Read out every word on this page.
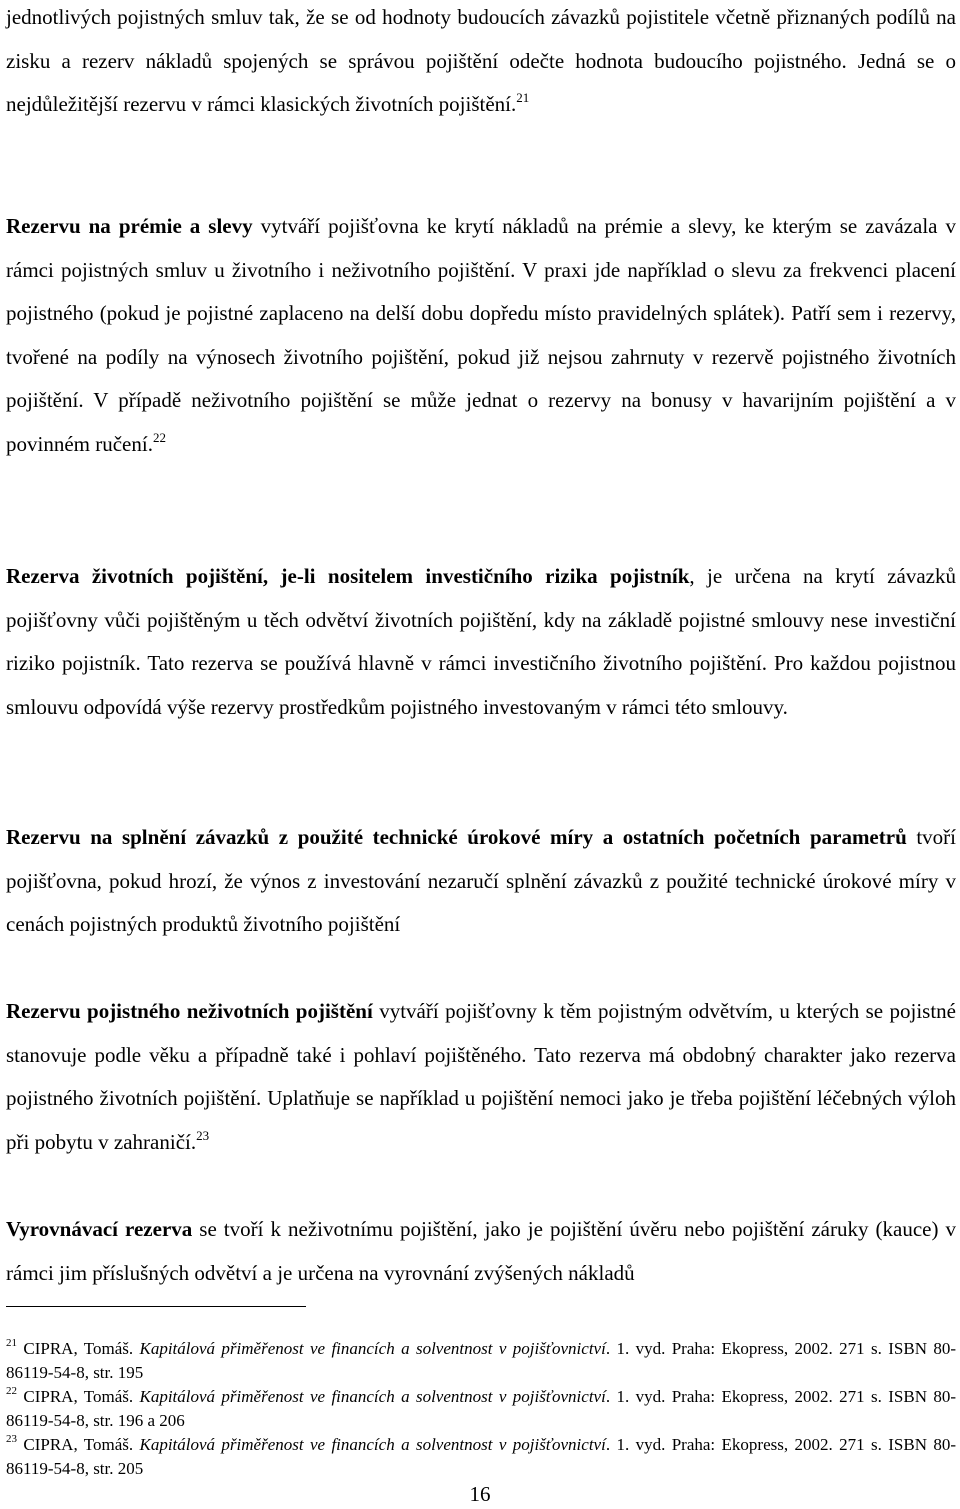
jednotlivých pojistných smluv tak, že se od hodnoty budoucích závazků pojistitele včetně přiznaných podílů na zisku a rezerv nákladů spojených se správou pojištění odečte hodnota budoucího pojistného. Jedná se o nejdůležitější rezervu v rámci klasických životních pojištění.$^{21}$

Rezervu na prémie a slevy vytváří pojišťovna ke krytí nákladů na prémie a slevy, ke kterým se zavázala v rámci pojistných smluv u životního i neživotního pojištění. V praxi jde například o slevu za frekvenci placení pojistného (pokud je pojistné zaplaceno na delší dobu dopředu místo pravidelných splátek). Patří sem i rezervy, tvořené na podíly na výnosech životního pojištění, pokud již nejsou zahrnuty v rezervě pojistného životních pojištění. V případě neživotního pojištění se může jednat o rezervy na bonusy v havarijním pojištění a v povinném ručení.$^{22}$

Rezerva životních pojištění, je-li nositelem investičního rizika pojistník, je určena na krytí závazků pojišťovny vůči pojištěným u těch odvětví životních pojištění, kdy na základě pojistné smlouvy nese investiční riziko pojistník. Tato rezerva se používá hlavně v rámci investičního životního pojištění. Pro každou pojistnou smlouvu odpovídá výše rezervy prostředkům pojistného investovaným v rámci této smlouvy.

Rezervu na splnění závazků z použité technické úrokové míry a ostatních početních parametrů tvoří pojišťovna, pokud hrozí, že výnos z investování nezaručí splnění závazků z použité technické úrokové míry v cenách pojistných produktů životního pojištění

Rezervu pojistného neživotních pojištění vytváří pojišťovny k těm pojistným odvětvím, u kterých se pojistné stanovuje podle věku a případně také i pohlaví pojištěného. Tato rezerva má obdobný charakter jako rezerva pojistného životních pojištění. Uplatňuje se například u pojištění nemoci jako je třeba pojištění léčebných výloh při pobytu v zahraničí.$^{23}$

Vyrovnávací rezerva se tvoří k neživotnímu pojištění, jako je pojištění úvěru nebo pojištění záruky (kauce) v rámci jim příslušných odvětví a je určena na vyrovnání zvýšených nákladů

$^{21}$ CIPRA, Tomáš. Kapitálová přiměřenost ve financích a solventnost v pojišťovnictví. 1. vyd. Praha: Ekopress, 2002. 271 s. ISBN 80-86119-54-8, str. 195

$^{22}$ CIPRA, Tomáš. Kapitálová přiměřenost ve financích a solventnost v pojišťovnictví. 1. vyd. Praha: Ekopress, 2002. 271 s. ISBN 80-86119-54-8, str. 196 a 206

$^{23}$ CIPRA, Tomáš. Kapitálová přiměřenost ve financích a solventnost v pojišťovnictví. 1. vyd. Praha: Ekopress, 2002. 271 s. ISBN 80-86119-54-8, str. 205

16
